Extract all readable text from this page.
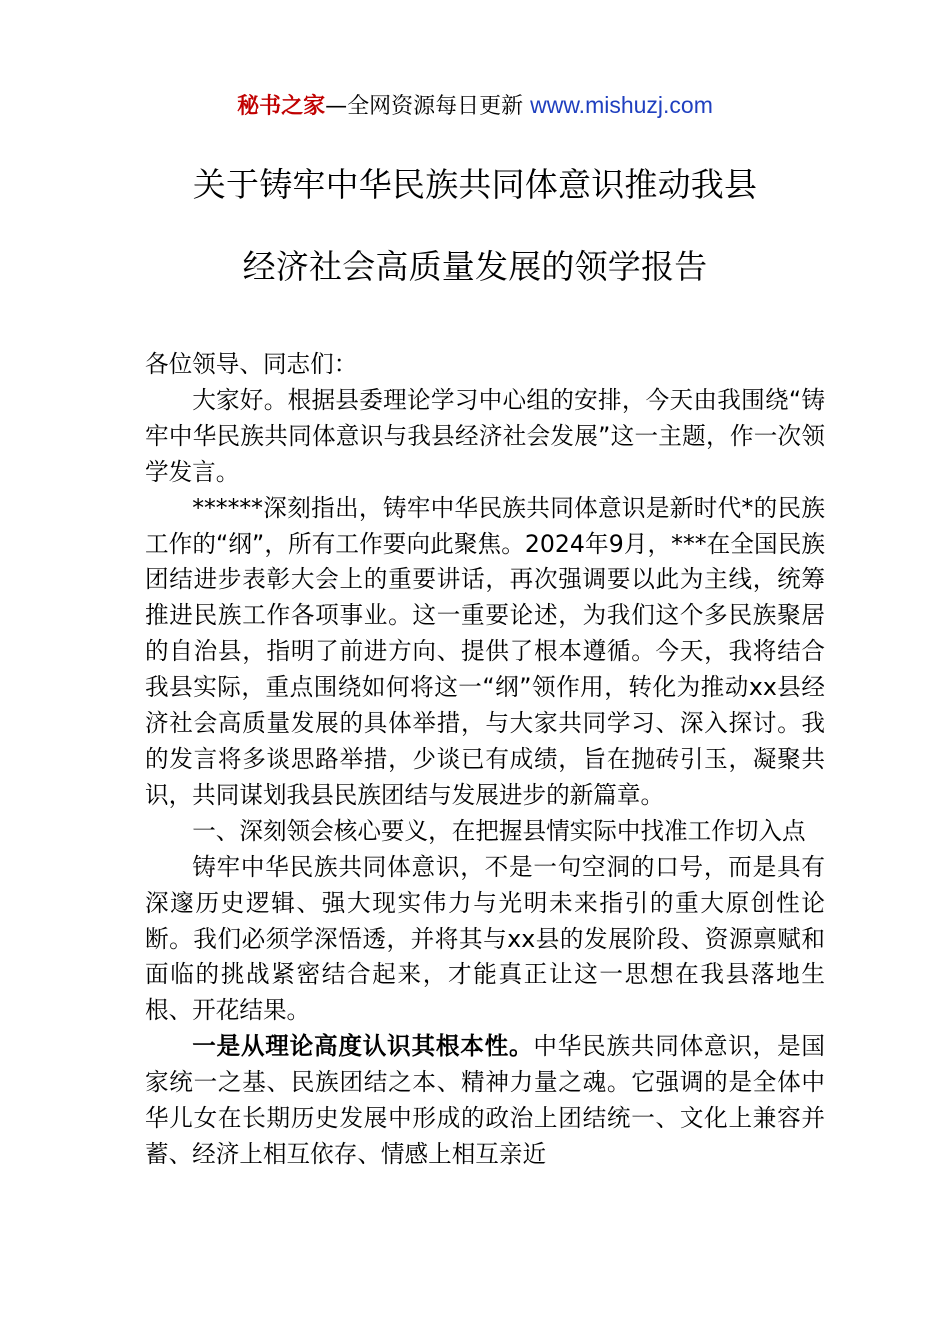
秘书之家—全网资源每日更新 www.mishuzj.com
关于铸牢中华民族共同体意识推动我县
经济社会高质量发展的领学报告

各位领导、同志们：

大家好。根据县委理论学习中心组的安排，今天由我围绕“铸牢中华民族共同体意识与我县经济社会发展”这一主题，作一次领学发言。

******深刻指出，铸牢中华民族共同体意识是新时代*的民族工作的“纲”，所有工作要向此聚焦。2024年9月，***在全国民族团结进步表彰大会上的重要讲话，再次强调要以此为主线，统筹推进民族工作各项事业。这一重要论述，为我们这个多民族聚居的自治县，指明了前进方向、提供了根本遵循。今天，我将结合我县实际，重点围绕如何将这一“纲”领作用，转化为推动xx县经济社会高质量发展的具体举措，与大家共同学习、深入探讨。我的发言将多谈思路举措，少谈已有成绩，旨在抛砖引玉，凝聚共识，共同谋划我县民族团结与发展进步的新篇章。

一、深刻领会核心要义，在把握县情实际中找准工作切入点

铸牢中华民族共同体意识，不是一句空洞的口号，而是具有深邃历史逻辑、强大现实伟力与光明未来指引的重大原创性论断。我们必须学深悟透，并将其与xx县的发展阶段、资源禀赋和面临的挑战紧密结合起来，才能真正让这一思想在我县落地生根、开花结果。

一是从理论高度认识其根本性。中华民族共同体意识，是国家统一之基、民族团结之本、精神力量之魂。它强调的是全体中华儿女在长期历史发展中形成的政治上团结统一、文化上兼容并蓄、经济上相互依存、情感上相互亲近
